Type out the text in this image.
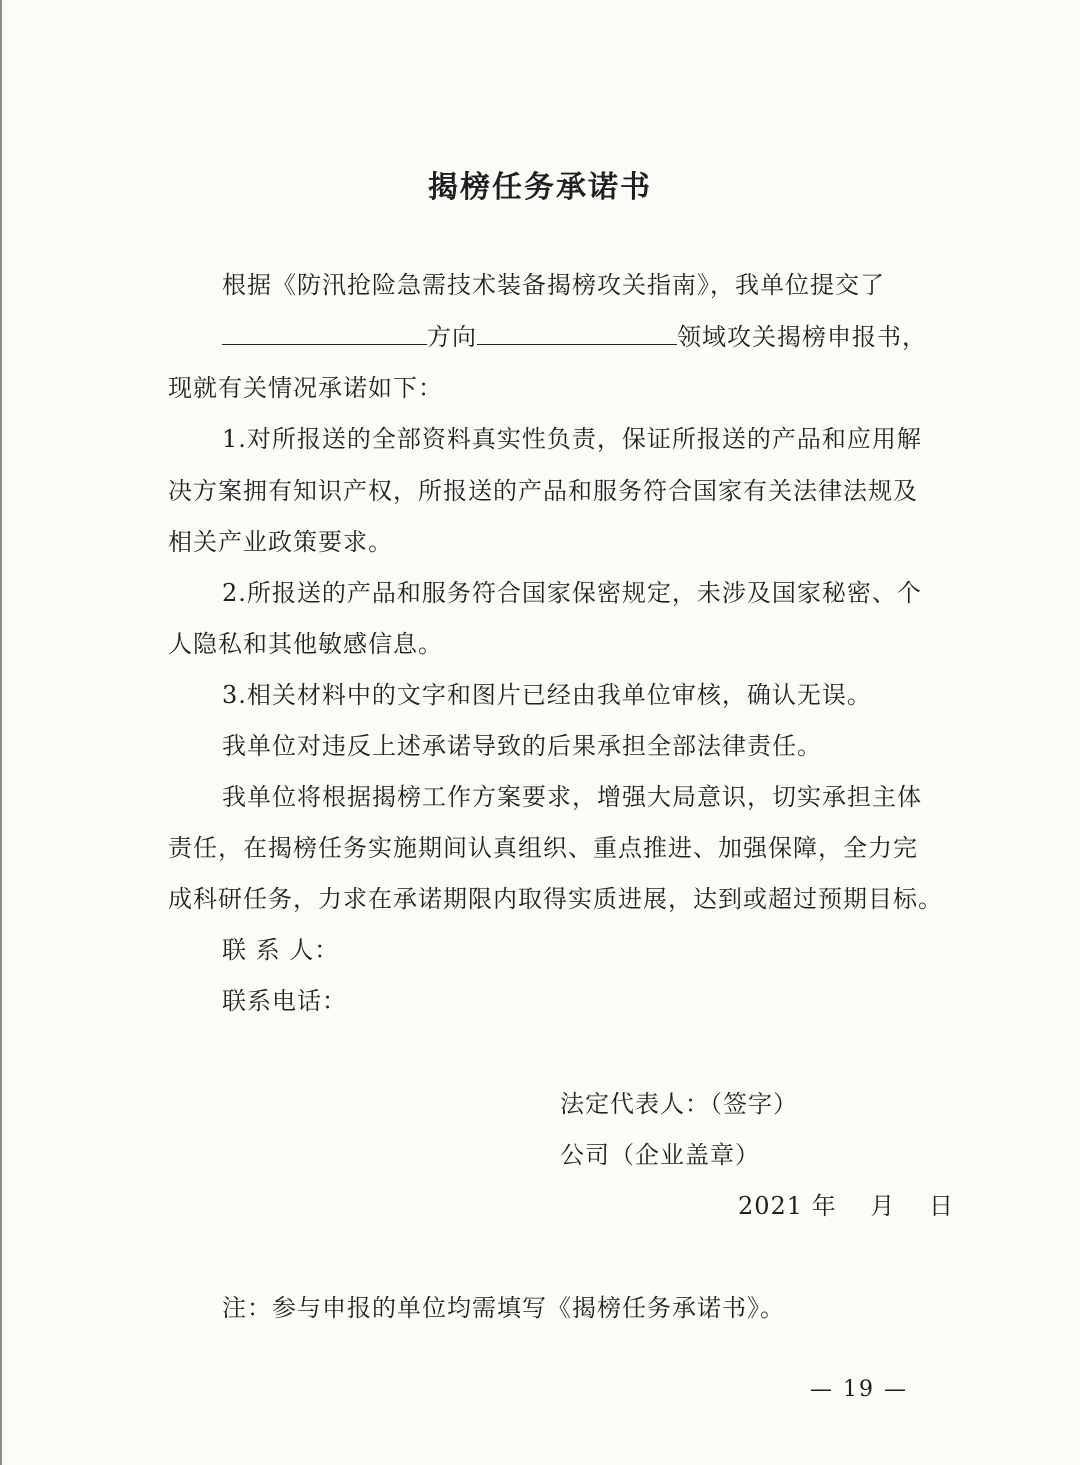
揭榜任务承诺书
根据《防汛抢险急需技术装备揭榜攻关指南》，我单位提交了
方向	领域攻关揭榜申报书，
现就有关情况承诺如下：
1.对所报送的全部资料真实性负责，保证所报送的产品和应用解
决方案拥有知识产权，所报送的产品和服务符合国家有关法律法规及
相关产业政策要求。
2.所报送的产品和服务符合国家保密规定，未涉及国家秘密、个
人隐私和其他敏感信息。
3.相关材料中的文字和图片已经由我单位审核，确认无误。
我单位对违反上述承诺导致的后果承担全部法律责任。
我单位将根据揭榜工作方案要求，增强大局意识，切实承担主体
责任，在揭榜任务实施期间认真组织、重点推进、加强保障，全力完
成科研任务，力求在承诺期限内取得实质进展，达到或超过预期目标。
联 系 人：
联系电话：
法定代表人：（签字）
公司（企业盖章）
2021 年　 月　 日
注：参与申报的单位均需填写《揭榜任务承诺书》。
— 19 —
